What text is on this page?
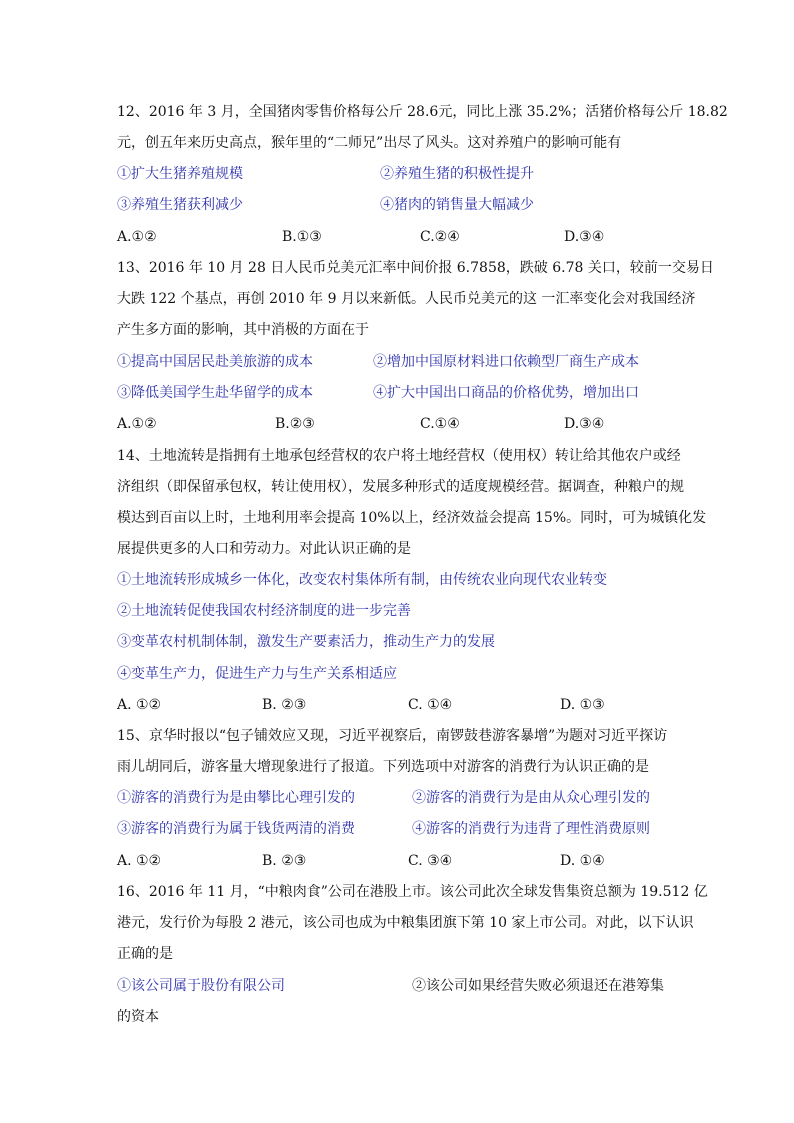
12、2016 年 3 月，全国猪肉零售价格每公斤 28.6元，同比上涨 35.2%；活猪价格每公斤 18.82
元，创五年来历史高点，猴年里的“二师兄”出尽了风头。这对养殖户的影响可能有
①扩大生猪养殖规模	②养殖生猪的积极性提升
③养殖生猪获利减少	④猪肉的销售量大幅减少
A.①②	B.①③	C.②④	D.③④
13、2016 年 10 月 28 日人民币兑美元汇率中间价报 6.7858，跌破 6.78 关口，较前一交易日
大跌 122 个基点，再创 2010 年 9 月以来新低。人民币兑美元的这 一汇率变化会对我国经济
产生多方面的影响，其中消极的方面在于
①提高中国居民赴美旅游的成本	②增加中国原材料进口依赖型厂商生产成本
③降低美国学生赴华留学的成本	④扩大中国出口商品的价格优势，增加出口
A.①②	B.②③	C.①④	D.③④
14、土地流转是指拥有土地承包经营权的农户将土地经营权（使用权）转让给其他农户或经
济组织（即保留承包权，转让使用权），发展多种形式的适度规模经营。据调查，种粮户的规
模达到百亩以上时，土地利用率会提高 10%以上，经济效益会提高 15%。同时，可为城镇化发
展提供更多的人口和劳动力。对此认识正确的是
①土地流转形成城乡一体化，改变农村集体所有制，由传统农业向现代农业转变
②土地流转促使我国农村经济制度的进一步完善
③变革农村机制体制，激发生产要素活力，推动生产力的发展
④变革生产力，促进生产力与生产关系相适应
A. ①②	B. ②③	C. ①④	D. ①③
15、京华时报以“包子铺效应又现，习近平视察后，南锣鼓巷游客暴增”为题对习近平探访
雨儿胡同后，游客量大增现象进行了报道。下列选项中对游客的消费行为认识正确的是
①游客的消费行为是由攀比心理引发的	②游客的消费行为是由从众心理引发的
③游客的消费行为属于钱货两清的消费	④游客的消费行为违背了理性消费原则
A. ①②	B. ②③	C. ③④	D. ①④
16、2016 年 11 月，“中粮肉食”公司在港股上市。该公司此次全球发售集资总额为 19.512 亿
港元，发行价为每股 2 港元，该公司也成为中粮集团旗下第 10 家上市公司。对此，以下认识
正确的是
①该公司属于股份有限公司	②该公司如果经营失败必须退还在港筹集
的资本
